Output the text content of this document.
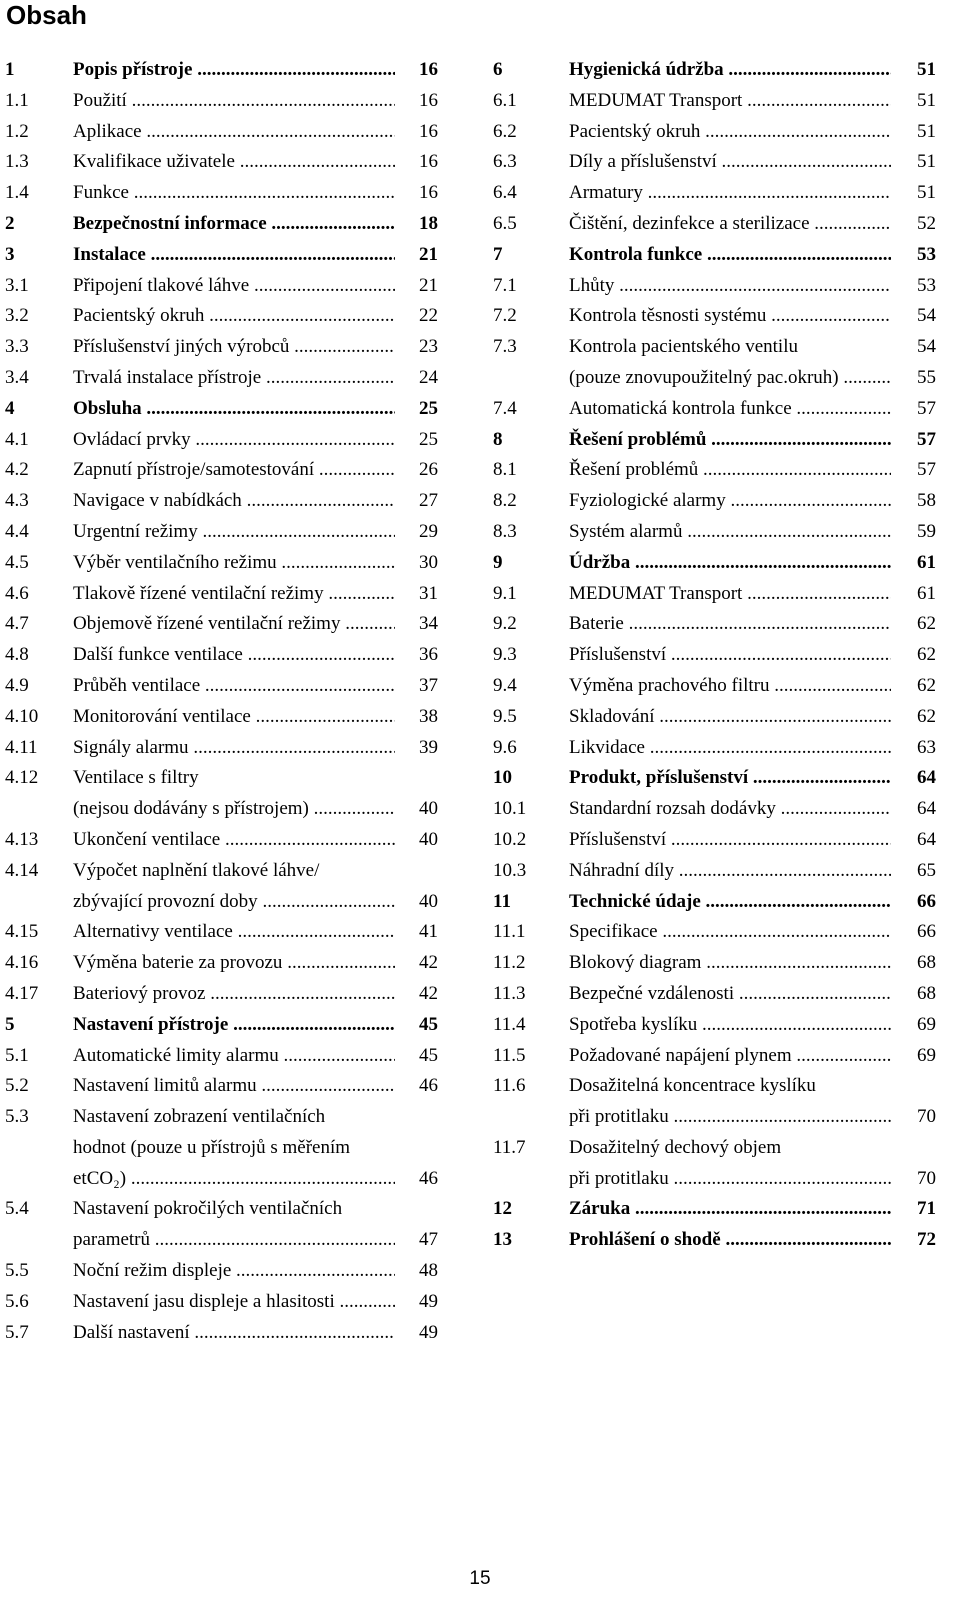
Obsah
1	Popis přístroje .....	16
1.1 Použití .....	16
1.2 Aplikace .....	16
1.3 Kvalifikace uživatele .....	16
1.4 Funkce .....	16
2	Bezpečnostní informace .....	18
3	Instalace .....	21
3.1 Připojení tlakové láhve .....	21
3.2 Pacientský okruh .....	22
3.3 Příslušenství jiných výrobců .....	23
3.4 Trvalá instalace přístroje .....	24
4	Obsluha .....	25
4.1 Ovládací prvky .....	25
4.2 Zapnutí přístroje/samotestování .....	26
4.3 Navigace v nabídkách .....	27
4.4 Urgentní režimy .....	29
4.5 Výběr ventilačního režimu .....	30
4.6 Tlakově řízené ventilační režimy .....	31
4.7 Objemově řízené ventilační režimy .....	34
4.8 Další funkce ventilace .....	36
4.9 Průběh ventilace .....	37
4.10 Monitorování ventilace .....	38
4.11 Signály alarmu .....	39
4.12 Ventilace s filtry
(nejsou dodávány s přístrojem) .....	40
4.13 Ukončení ventilace .....	40
4.14 Výpočet naplnění tlakové láhve/
zbývající provozní doby .....	40
4.15 Alternativy ventilace .....	41
4.16 Výměna baterie za provozu .....	42
4.17 Bateriový provoz .....	42
5	Nastavení přístroje .....	45
5.1 Automatické limity alarmu .....	45
5.2 Nastavení limitů alarmu .....	46
5.3 Nastavení zobrazení ventilačních
hodnot (pouze u přístrojů s měřením
etCO₂) .....	46
5.4 Nastavení pokročilých ventilačních
parametrů .....	47
5.5 Noční režim displeje .....	48
5.6 Nastavení jasu displeje a hlasitosti .....	49
5.7 Další nastavení .....	49
6	Hygienická údržba .....	51
6.1	MEDUMAT Transport .....	51
6.2	Pacientský okruh .....	51
6.3	Díly a příslušenství .....	51
6.4	Armatury .....	51
6.5	Čištění, dezinfekce a sterilizace .....	52
7	Kontrola funkce .....	53
7.1	Lhůty .....	53
7.2	Kontrola těsnosti systému .....	54
7.3	Kontrola pacientského ventilu	54
(pouze znovupoužitelný pac.okruh) .....	55
7.4	Automatická kontrola funkce .....	57
8	Řešení problémů .....	57
8.1	Řešení problémů .....	57
8.2	Fyziologické alarmy .....	58
8.3	Systém alarmů .....	59
9	Údržba .....	61
9.1	MEDUMAT Transport .....	61
9.2	Baterie .....	62
9.3	Příslušenství .....	62
9.4	Výměna prachového filtru .....	62
9.5	Skladování .....	62
9.6	Likvidace .....	63
10	Produkt, příslušenství .....	64
10.1 Standardní rozsah dodávky .....	64
10.2 Příslušenství .....	64
10.3 Náhradní díly .....	65
11	Technické údaje .....	66
11.1 Specifikace .....	66
11.2 Blokový diagram .....	68
11.3 Bezpečné vzdálenosti .....	68
11.4 Spotřeba kyslíku .....	69
11.5 Požadované napájení plynem .....	69
11.6 Dosažitelná koncentrace kyslíku
při protitlaku .....	70
11.7 Dosažitelný dechový objem
při protitlaku .....	70
12	Záruka .....	71
13	Prohlášení o shodě .....	72
15
